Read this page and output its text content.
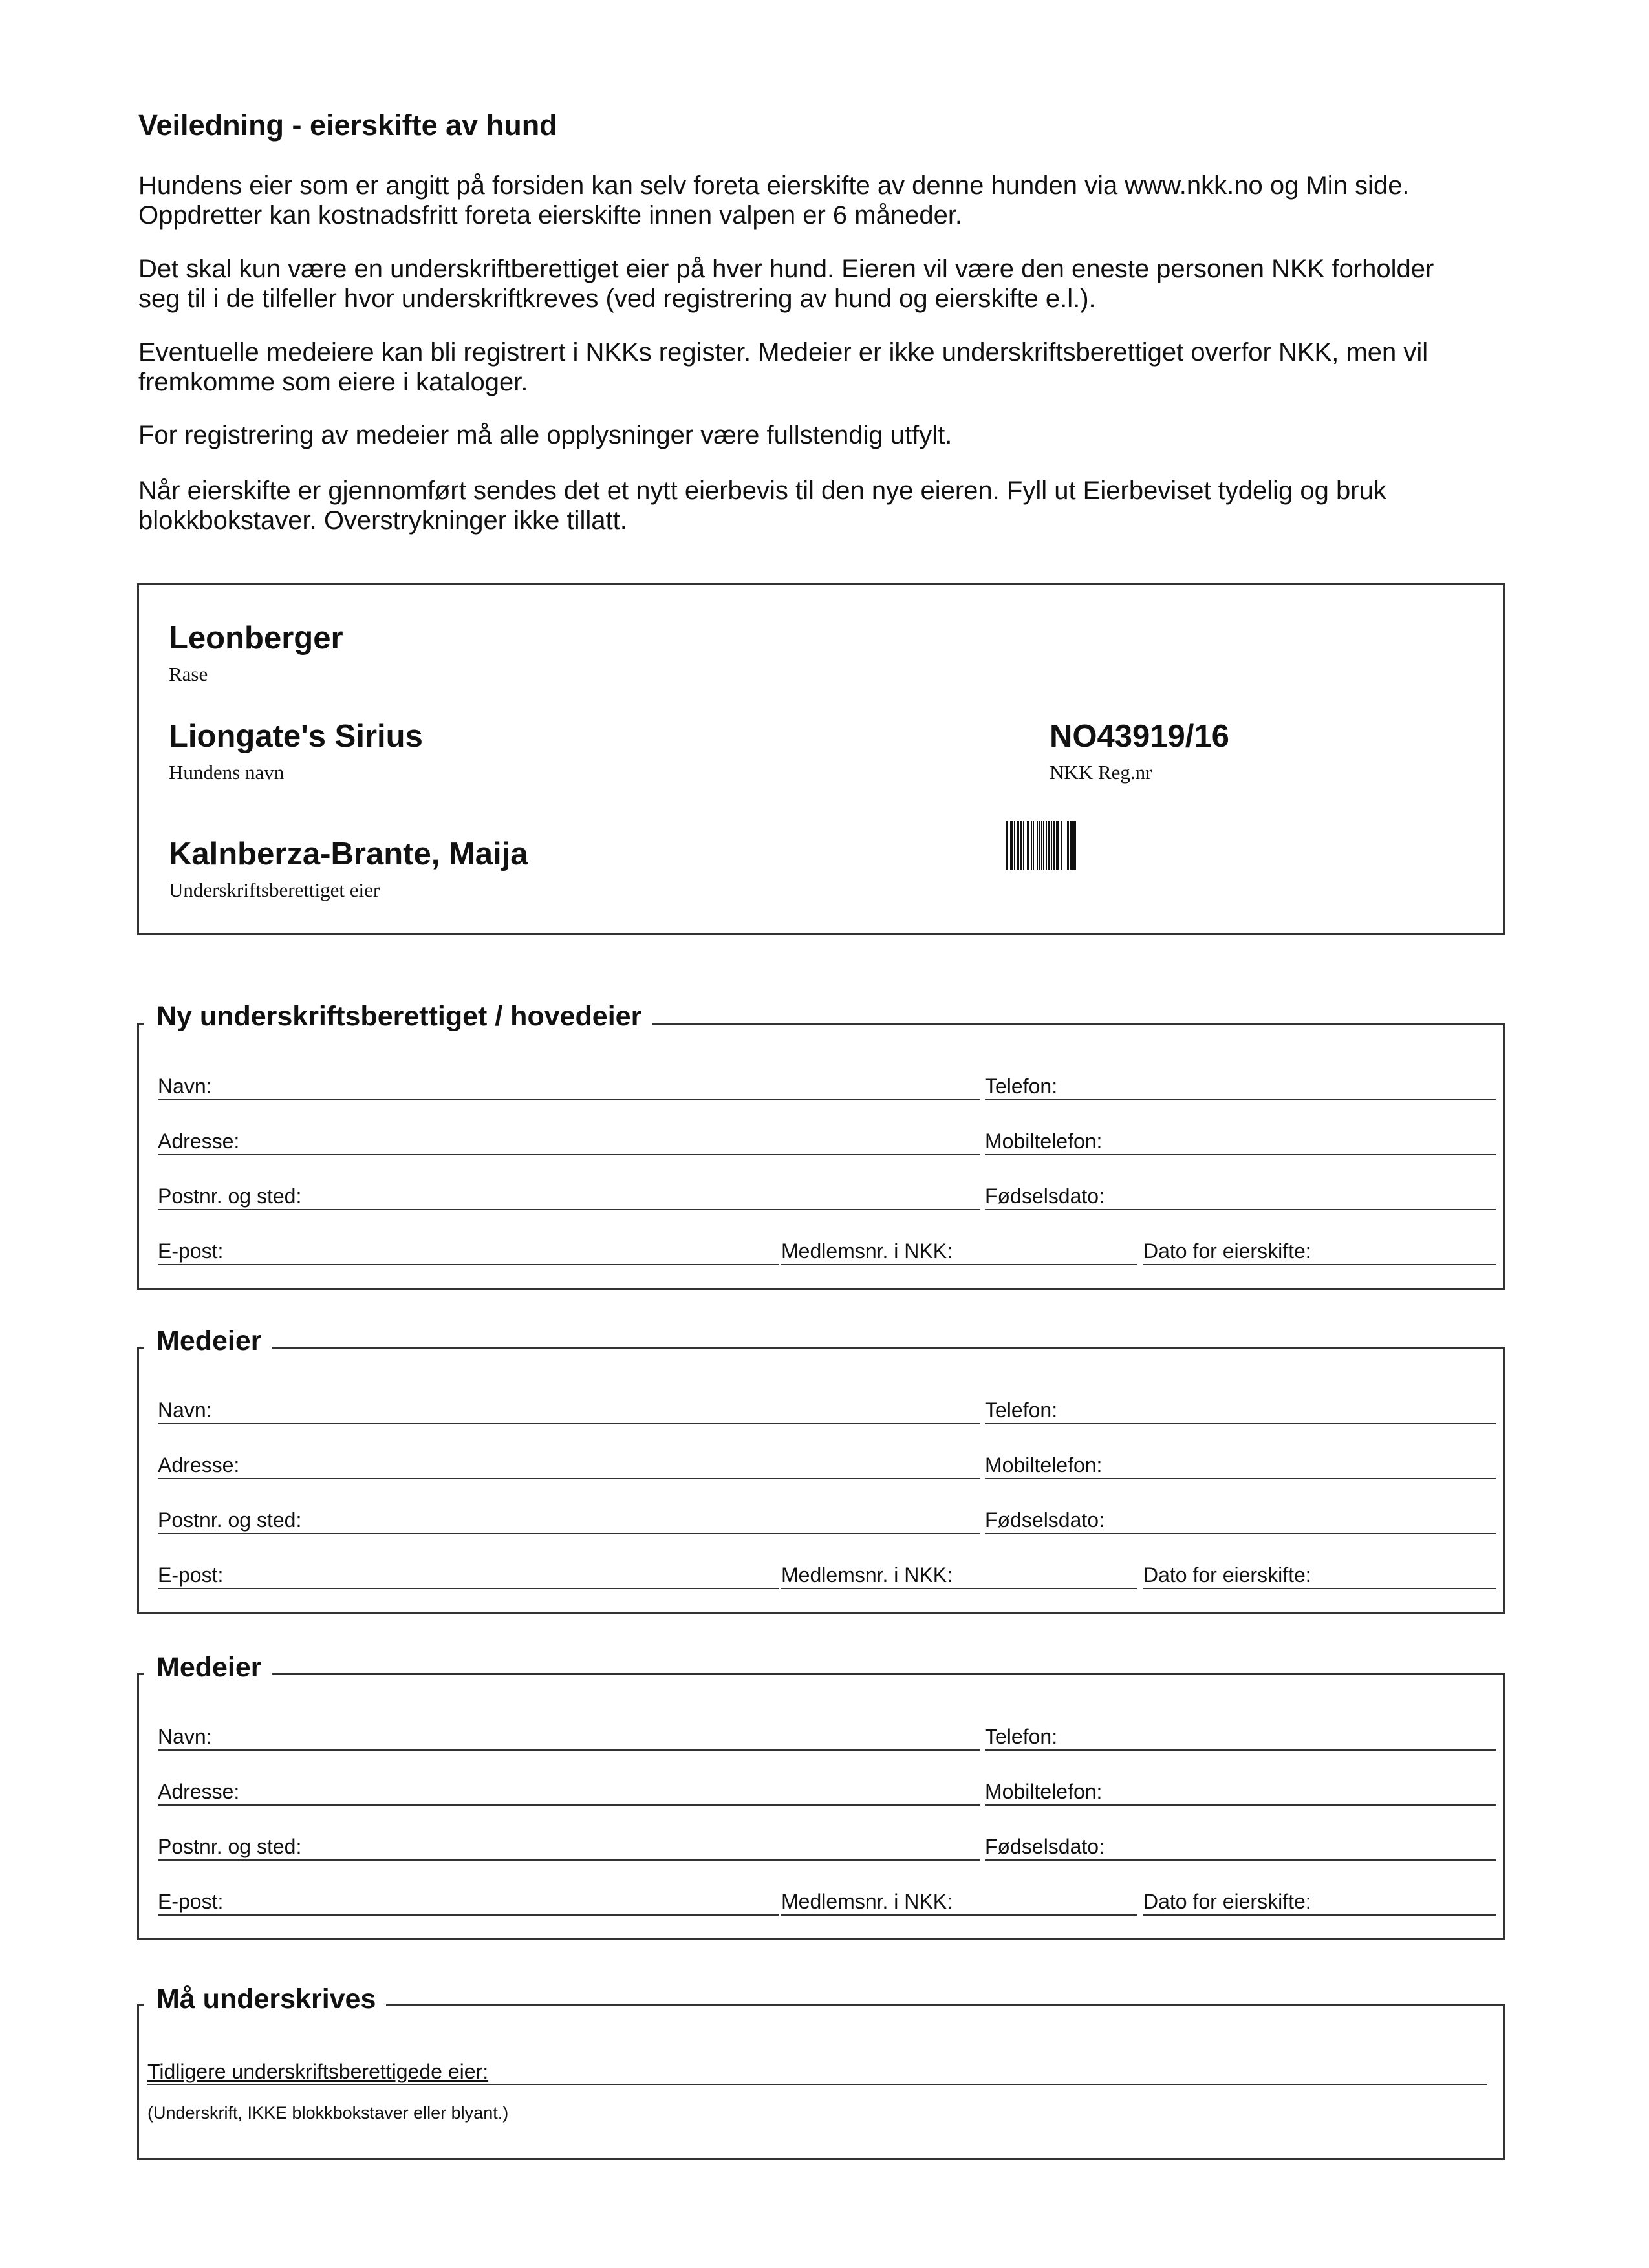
Veiledning - eierskifte av hund
Hundens eier som er angitt på forsiden kan selv foreta eierskifte av denne hunden via www.nkk.no og Min side.
Oppdretter kan kostnadsfritt foreta eierskifte innen valpen er 6 måneder.
Det skal kun være en underskriftberettiget eier på hver hund. Eieren vil være den eneste personen NKK forholder
seg til i de tilfeller hvor underskriftkreves (ved registrering av hund og eierskifte e.l.).
Eventuelle medeiere kan bli registrert i NKKs register. Medeier er ikke underskriftsberettiget overfor NKK, men vil
fremkomme som eiere i kataloger.
For registrering av medeier må alle opplysninger være fullstendig utfylt.
Når eierskifte er gjennomført sendes det et nytt eierbevis til den nye eieren. Fyll ut Eierbeviset tydelig og bruk
blokkbokstaver. Overstrykninger ikke tillatt.
Leonberger
Rase
Liongate's Sirius
Hundens navn
Kalnberza-Brante, Maija
Underskriftsberettiget eier
NO43919/16
NKK Reg.nr
Ny underskriftsberettiget / hovedeier
Medeier
Medeier
Må underskrives
Tidligere underskriftsberettigede eier:
(Underskrift, IKKE blokkbokstaver eller blyant.)
Navn:	Telefon:
Adresse:	Mobiltelefon:
Postnr. og sted:	Fødselsdato:
E-post:	Medlemsnr. i NKK:	Dato for eierskifte:
Navn:	Telefon:
Adresse:	Mobiltelefon:
Postnr. og sted:	Fødselsdato:
E-post:	Medlemsnr. i NKK:	Dato for eierskifte:
Navn:	Telefon:
Adresse:	Mobiltelefon:
Postnr. og sted:	Fødselsdato:
E-post:	Medlemsnr. i NKK:	Dato for eierskifte:
